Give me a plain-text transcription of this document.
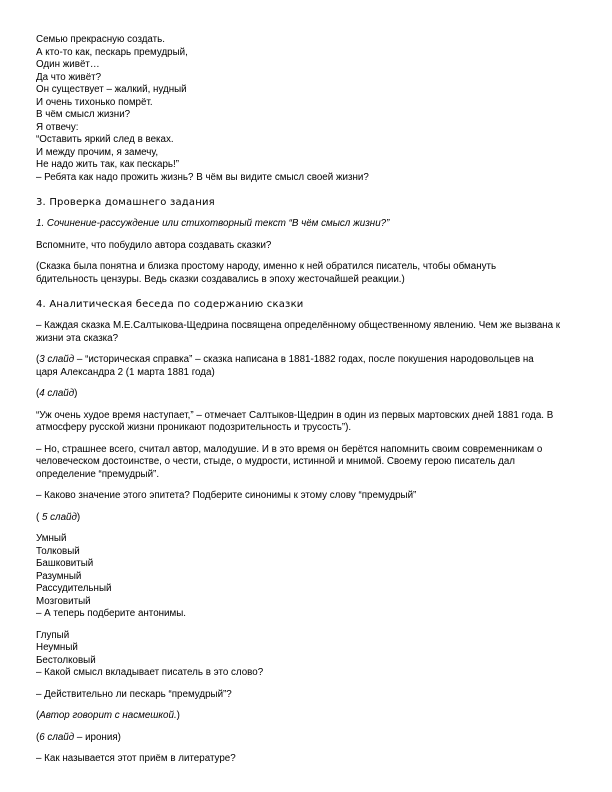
Семью прекрасную создать.
А кто-то как, пескарь премудрый,
Один живёт…
Да что живёт?
Он существует – жалкий, нудный
И очень тихонько помрёт.
В чём смысл жизни?
Я отвечу:
“Оставить яркий след в веках.
И между прочим, я замечу,
Не надо жить так, как пескарь!”
– Ребята как надо прожить жизнь? В чём вы видите смысл своей жизни?
3. Проверка домашнего задания

1. Сочинение-рассуждение или стихотворный текст “В чём смысл жизни?”

Вспомните, что побудило автора создавать сказки?

(Сказка была понятна и близка простому народу, именно к ней обратился писатель, чтобы обмануть
бдительность цензуры. Ведь сказки создавались в эпоху жесточайшей реакции.)

4. Аналитическая беседа по содержанию сказки

– Каждая сказка М.Е.Салтыкова-Щедрина посвящена определённому общественному явлению. Чем же вызвана к
жизни эта сказка?

(3 слайд – “историческая справка” – сказка написана в 1881-1882 годах, после покушения народовольцев на
царя Александра 2 (1 марта 1881 года)

(4 слайд)

“Уж очень худое время наступает,” – отмечает Салтыков-Щедрин в один из первых мартовских дней 1881 года. В
атмосферу русской жизни проникают подозрительность и трусость”).

– Но, страшнее всего, считал автор, малодушие. И в это время он берётся напомнить своим современникам о
человеческом достоинстве, о чести, стыде, о мудрости, истинной и мнимой. Своему герою писатель дал
определение “премудрый”.

– Каково значение этого эпитета? Подберите синонимы к этому слову “премудрый”

( 5 слайд)

Умный
Толковый
Башковитый
Разумный
Рассудительный
Мозговитый
– А теперь подберите антонимы.
Глупый
Неумный
Бестолковый
– Какой смысл вкладывает писатель в это слово?

– Действительно ли пескарь “премудрый”?

(Автор говорит с насмешкой.)

(6 слайд – ирония)

– Как называется этот приём в литературе?
